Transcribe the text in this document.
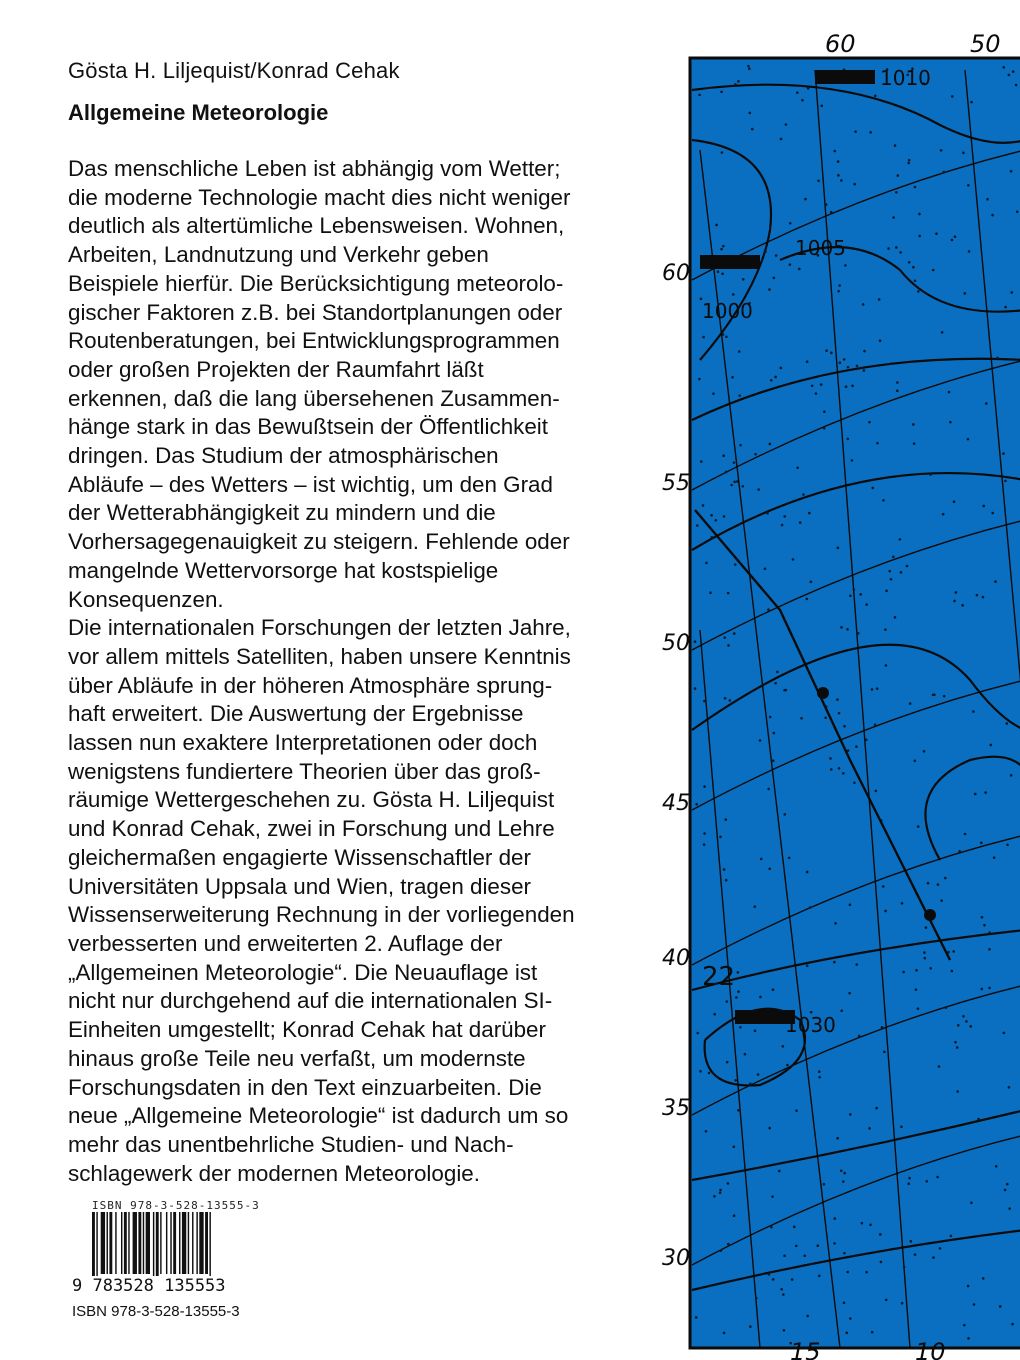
Gösta H. Liljequist/Konrad Cehak
Allgemeine Meteorologie

Das menschliche Leben ist abhängig vom Wetter;
die moderne Technologie macht dies nicht weniger
deutlich als altertümliche Lebensweisen. Wohnen,
Arbeiten, Landnutzung und Verkehr geben
Beispiele hierfür. Die Berücksichtigung meteorolo-
gischer Faktoren z.B. bei Standortplanungen oder
Routenberatungen, bei Entwicklungsprogrammen
oder großen Projekten der Raumfahrt läßt
erkennen, daß die lang übersehenen Zusammen-
hänge stark in das Bewußtsein der Öffentlichkeit
dringen. Das Studium der atmosphärischen
Abläufe – des Wetters – ist wichtig, um den Grad
der Wetterabhängigkeit zu mindern und die
Vorhersagegenauigkeit zu steigern. Fehlende oder
mangelnde Wettervorsorge hat kostspielige
Konsequenzen.

Die internationalen Forschungen der letzten Jahre,
vor allem mittels Satelliten, haben unsere Kenntnis
über Abläufe in der höheren Atmosphäre sprung-
haft erweitert. Die Auswertung der Ergebnisse
lassen nun exaktere Interpretationen oder doch
wenigstens fundiertere Theorien über das groß-
räumige Wettergeschehen zu. Gösta H. Liljequist
und Konrad Cehak, zwei in Forschung und Lehre
gleichermaßen engagierte Wissenschaftler der
Universitäten Uppsala und Wien, tragen dieser
Wissenserweiterung Rechnung in der vorliegenden
verbesserten und erweiterten 2. Auflage der
„Allgemeinen Meteorologie“. Die Neuauflage ist
nicht nur durchgehend auf die internationalen SI-
Einheiten umgestellt; Konrad Cehak hat darüber
hinaus große Teile neu verfaßt, um modernste
Forschungsdaten in den Text einzuarbeiten. Die
neue „Allgemeine Meteorologie“ ist dadurch um so
mehr das unentbehrliche Studien- und Nach-
schlagewerk der modernen Meteorologie.

ISBN 978-3-528-13555-3
9 783528 135553
ISBN 978-3-528-13555-3
60	50
15	10
60
55
50
45
40
35
30
1010
1005
1000
1030
22
